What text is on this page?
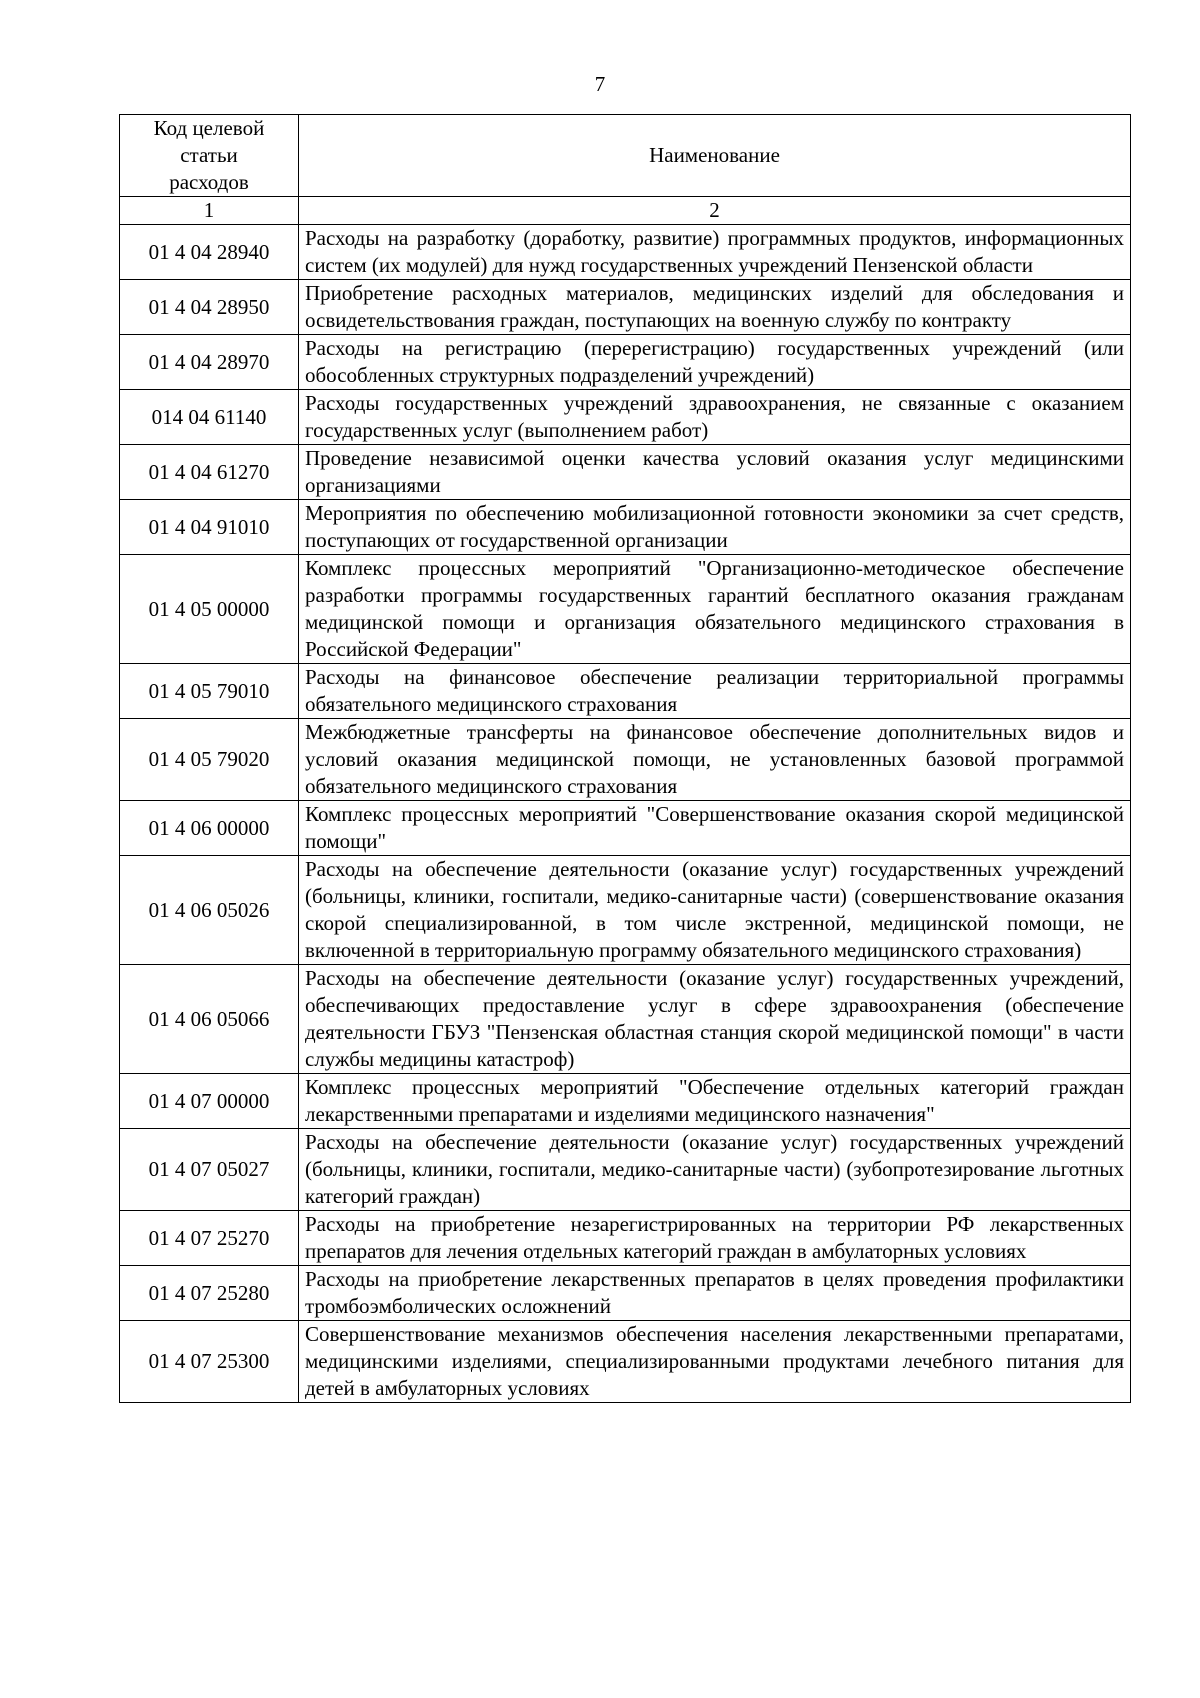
7
Код целевой
статьи
расходов	Наименование
1	2
01 4 04 28940	Расходы на разработку (доработку, развитие) программных продуктов, информационных систем (их модулей) для нужд государственных учреждений Пензенской области
01 4 04 28950	Приобретение расходных материалов, медицинских изделий для обследования и освидетельствования граждан, поступающих на военную службу по контракту
01 4 04 28970	Расходы на регистрацию (перерегистрацию) государственных учреждений (или обособленных структурных подразделений учреждений)
014 04 61140	Расходы государственных учреждений здравоохранения, не связанные с оказанием государственных услуг (выполнением работ)
01 4 04 61270	Проведение независимой оценки качества условий оказания услуг медицинскими организациями
01 4 04 91010	Мероприятия по обеспечению мобилизационной готовности экономики за счет средств, поступающих от государственной организации
01 4 05 00000	Комплекс процессных мероприятий "Организационно-методическое обеспечение разработки программы государственных гарантий бесплатного оказания гражданам медицинской помощи и организация обязательного медицинского страхования в Российской Федерации"
01 4 05 79010	Расходы на финансовое обеспечение реализации территориальной программы обязательного медицинского страхования
01 4 05 79020	Межбюджетные трансферты на финансовое обеспечение дополнительных видов и условий оказания медицинской помощи, не установленных базовой программой обязательного медицинского страхования
01 4 06 00000	Комплекс процессных мероприятий "Совершенствование оказания скорой медицинской помощи"
01 4 06 05026	Расходы на обеспечение деятельности (оказание услуг) государственных учреждений (больницы, клиники, госпитали, медико-санитарные части) (совершенствование оказания скорой специализированной, в том числе экстренной, медицинской помощи, не включенной в территориальную программу обязательного медицинского страхования)
01 4 06 05066	Расходы на обеспечение деятельности (оказание услуг) государственных учреждений, обеспечивающих предоставление услуг в сфере здравоохранения (обеспечение деятельности ГБУЗ "Пензенская областная станция скорой медицинской помощи" в части службы медицины катастроф)
01 4 07 00000	Комплекс процессных мероприятий "Обеспечение отдельных категорий граждан лекарственными препаратами и изделиями медицинского назначения"
01 4 07 05027	Расходы на обеспечение деятельности (оказание услуг) государственных учреждений (больницы, клиники, госпитали, медико-санитарные части) (зубопротезирование льготных категорий граждан)
01 4 07 25270	Расходы на приобретение незарегистрированных на территории РФ лекарственных препаратов для лечения отдельных категорий граждан в амбулаторных условиях
01 4 07 25280	Расходы на приобретение лекарственных препаратов в целях проведения профилактики тромбоэмболических осложнений
01 4 07 25300	Совершенствование механизмов обеспечения населения лекарственными препаратами, медицинскими изделиями, специализированными продуктами лечебного питания для детей в амбулаторных условиях
